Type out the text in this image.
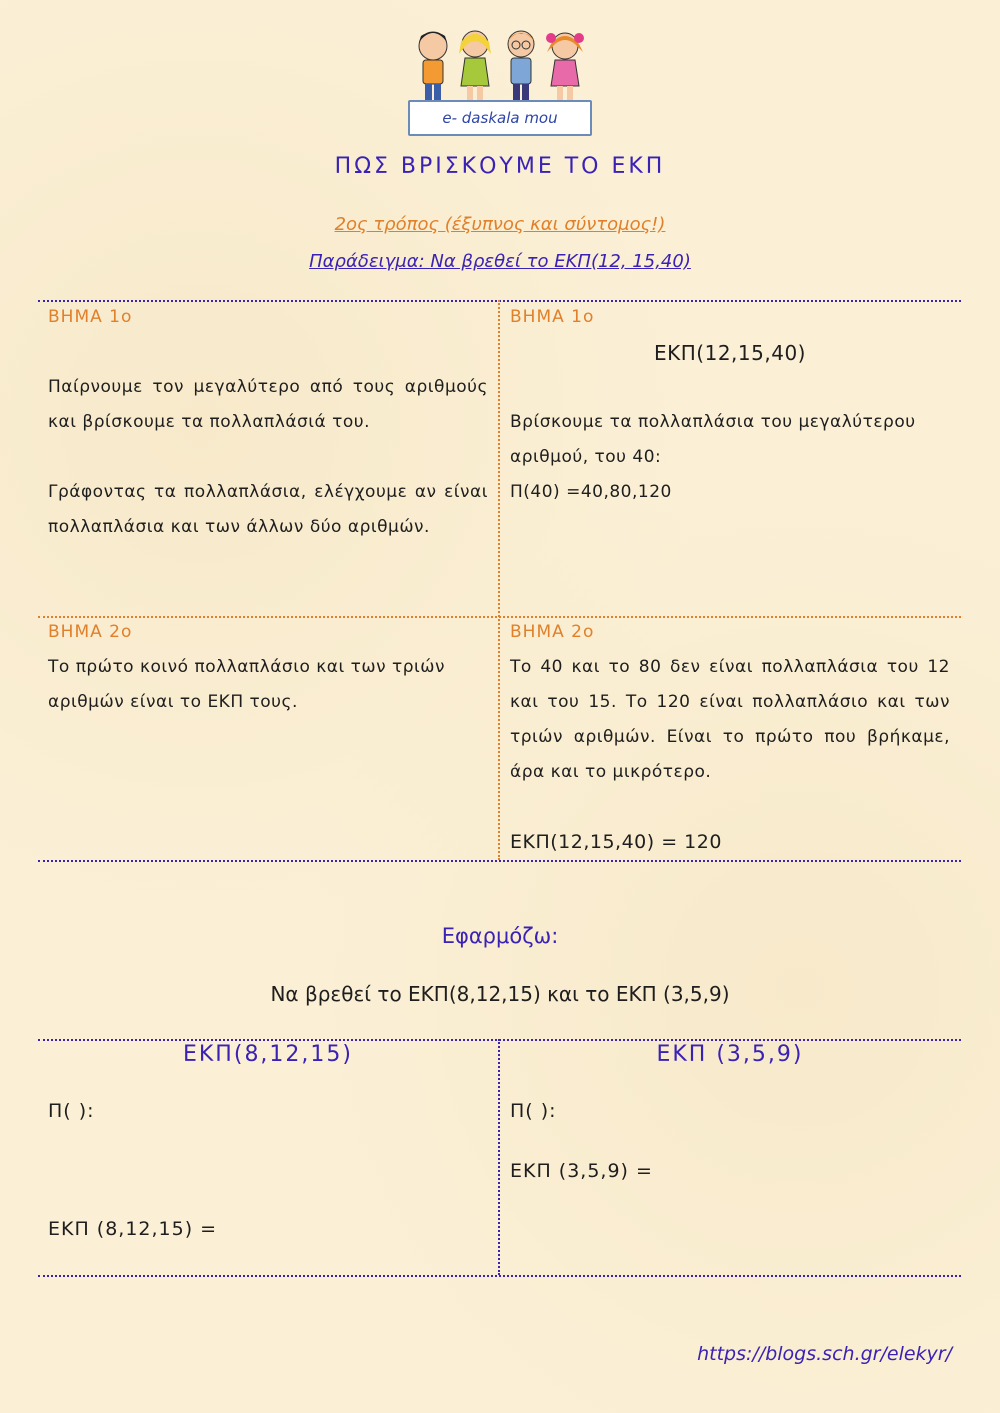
e- daskala mou
ΠΩΣ ΒΡΙΣΚΟΥΜΕ ΤΟ ΕΚΠ
2ος τρόπος (έξυπνος και σύντομος!)
Παράδειγμα: Να βρεθεί το ΕΚΠ(12, 15,40)
ΒΗΜΑ 1ο
Παίρνουμε τον μεγαλύτερο από τους αριθμούς και βρίσκουμε τα πολλαπλάσιά του.
Γράφοντας τα πολλαπλάσια, ελέγχουμε αν είναι πολλαπλάσια και των άλλων δύο αριθμών.
ΒΗΜΑ 1ο
ΕΚΠ(12,15,40)
Βρίσκουμε τα πολλαπλάσια του μεγαλύτερου αριθμού, του 40:
Π(40) =40,80,120
ΒΗΜΑ 2ο
Το πρώτο κοινό πολλαπλάσιο και των τριών αριθμών είναι το ΕΚΠ τους.
ΒΗΜΑ 2ο
Το 40 και το 80 δεν είναι πολλαπλάσια του 12 και του 15. Το 120 είναι πολλαπλάσιο και των τριών αριθμών. Είναι το πρώτο που βρήκαμε, άρα και το μικρότερο.
ΕΚΠ(12,15,40) = 120
Εφαρμόζω:
Να βρεθεί το ΕΚΠ(8,12,15) και το ΕΚΠ (3,5,9)
ΕΚΠ(8,12,15)
Π( ):
ΕΚΠ (8,12,15) =
ΕΚΠ (3,5,9)
Π( ):
ΕΚΠ (3,5,9) =
https://blogs.sch.gr/elekyr/
